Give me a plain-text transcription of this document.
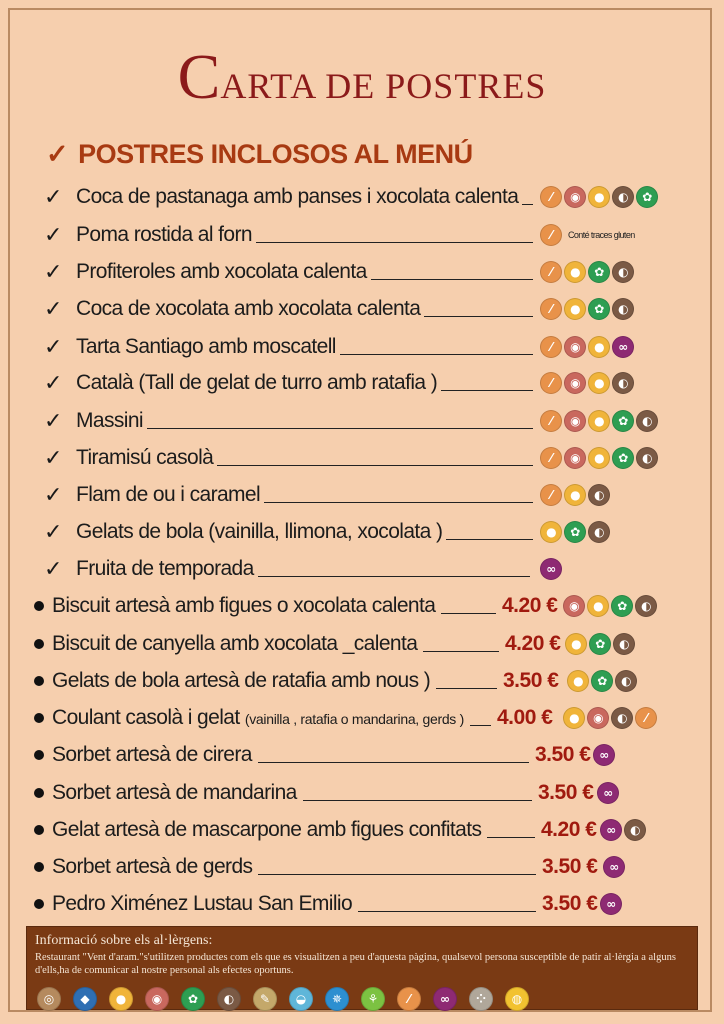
CARTA DE POSTRES
✓ POSTRES INCLOSOS AL MENÚ
✓ Coca de pastanaga amb panses i xocolata calenta	⁄	◉	●	◐	✿
✓ Poma rostida al forn	⁄	Conté traces gluten
✓ Profiteroles amb xocolata calenta	⁄	●	✿	◐
✓ Coca de xocolata amb xocolata calenta	⁄	●	✿	◐
✓ Tarta Santiago amb moscatell	⁄	◉	●	∞
✓ Català (Tall de gelat de turro amb ratafia )	⁄	◉	●	◐
✓ Massini	⁄	◉	●	✿	◐
✓ Tiramisú casolà	⁄	◉	●	✿	◐
✓ Flam de ou i caramel	⁄	●	◐
✓ Gelats de bola (vainilla, llimona, xocolata )	●	✿	◐
✓ Fruita de temporada	∞
Biscuit artesà amb figues o xocolata calenta	4.20 € ◉	●	✿	◐
Biscuit de canyella amb xocolata _calenta	4.20 € ●	✿	◐
Gelats de bola artesà de ratafia amb nous )	3.50 €	●	✿	◐
Coulant casolà i gelat (vainilla , ratafia o mandarina, gerds ) 4.00 €	●	◉	◐	⁄
Sorbet artesà de cirera	3.50 € ∞
Sorbet artesà de mandarina	3.50 € ∞
Gelat artesà de mascarpone amb figues confitats	4.20 € ∞	◐
Sorbet artesà de gerds	3.50 € ∞
Pedro Ximénez Lustau San Emilio	3.50 € ∞
Informació sobre els al·lèrgens:
Restaurant "Vent d'aram."s'utilitzen productes com els que es visualitzen a peu d'aquesta pàgina, qualsevol persona susceptible de patir al·lèrgia a alguns d'ells,ha de comunicar al nostre personal als efectes oportuns.
◎	◆	●	◉	✿	◐	✎	◒	✵	⚘	⁄	∞	⁘	◍
